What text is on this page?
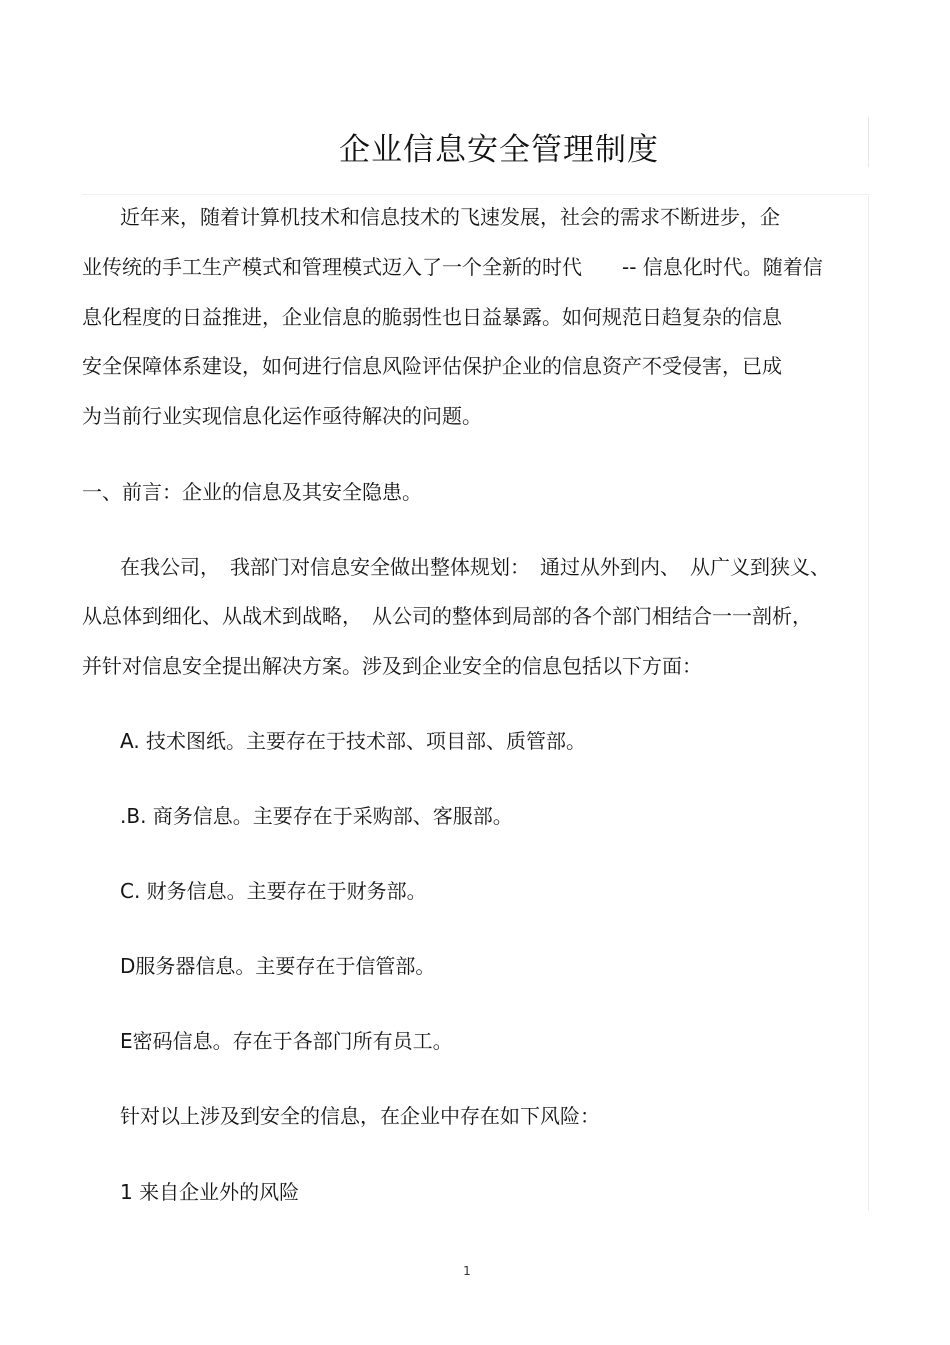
企业信息安全管理制度
近年来，随着计算机技术和信息技术的飞速发展，社会的需求不断进步，企
业传统的手工生产模式和管理模式迈入了一个全新的时代　　-- 信息化时代。随着信
息化程度的日益推进，企业信息的脆弱性也日益暴露。如何规范日趋复杂的信息
安全保障体系建设，如何进行信息风险评估保护企业的信息资产不受侵害，已成
为当前行业实现信息化运作亟待解决的问题。
一、前言：企业的信息及其安全隐患。
在我公司，　我部门对信息安全做出整体规划：　通过从外到内、　从广义到狭义、
从总体到细化、从战术到战略，　从公司的整体到局部的各个部门相结合一一剖析，
并针对信息安全提出解决方案。涉及到企业安全的信息包括以下方面：
A. 技术图纸。主要存在于技术部、项目部、质管部。
.B. 商务信息。主要存在于采购部、客服部。
C. 财务信息。主要存在于财务部。
D服务器信息。主要存在于信管部。
E密码信息。存在于各部门所有员工。
针对以上涉及到安全的信息，在企业中存在如下风险：
1 来自企业外的风险
1
